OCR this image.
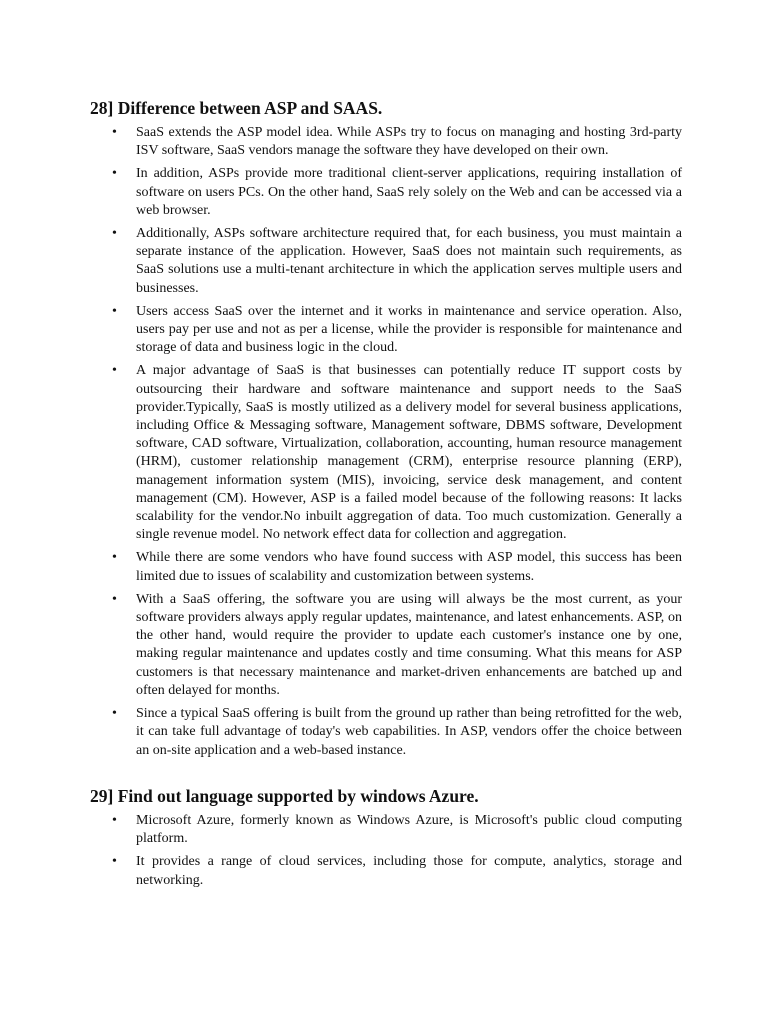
28] Difference between ASP and SAAS.
• SaaS extends the ASP model idea. While ASPs try to focus on managing and hosting 3rd-party ISV software, SaaS vendors manage the software they have developed on their own.
• In addition, ASPs provide more traditional client-server applications, requiring installation of software on users PCs. On the other hand, SaaS rely solely on the Web and can be accessed via a web browser.
• Additionally, ASPs software architecture required that, for each business, you must maintain a separate instance of the application. However, SaaS does not maintain such requirements, as SaaS solutions use a multi-tenant architecture in which the application serves multiple users and businesses.
• Users access SaaS over the internet and it works in maintenance and service operation. Also, users pay per use and not as per a license, while the provider is responsible for maintenance and storage of data and business logic in the cloud.
• A major advantage of SaaS is that businesses can potentially reduce IT support costs by outsourcing their hardware and software maintenance and support needs to the SaaS provider.Typically, SaaS is mostly utilized as a delivery model for several business applications, including Office & Messaging software, Management software, DBMS software, Development software, CAD software, Virtualization, collaboration, accounting, human resource management (HRM), customer relationship management (CRM), enterprise resource planning (ERP), management information system (MIS), invoicing, service desk management, and content management (CM). However, ASP is a failed model because of the following reasons: It lacks scalability for the vendor.No inbuilt aggregation of data. Too much customization. Generally a single revenue model. No network effect data for collection and aggregation.
• While there are some vendors who have found success with ASP model, this success has been limited due to issues of scalability and customization between systems.
• With a SaaS offering, the software you are using will always be the most current, as your software providers always apply regular updates, maintenance, and latest enhancements. ASP, on the other hand, would require the provider to update each customer's instance one by one, making regular maintenance and updates costly and time consuming. What this means for ASP customers is that necessary maintenance and market-driven enhancements are batched up and often delayed for months.
• Since a typical SaaS offering is built from the ground up rather than being retrofitted for the web, it can take full advantage of today's web capabilities. In ASP, vendors offer the choice between an on-site application and a web-based instance.
29] Find out language supported by windows Azure.
• Microsoft Azure, formerly known as Windows Azure, is Microsoft's public cloud computing platform.
• It provides a range of cloud services, including those for compute, analytics, storage and networking.
